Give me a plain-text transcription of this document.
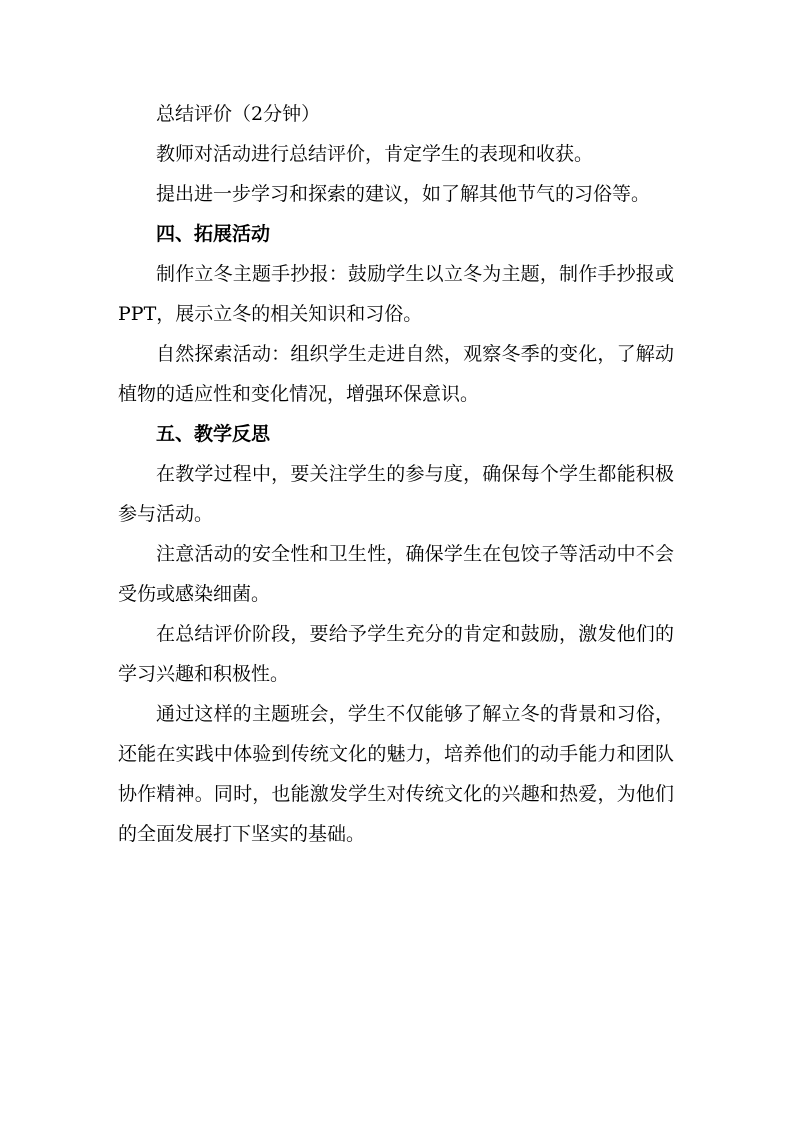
总结评价（2分钟）

教师对活动进行总结评价，肯定学生的表现和收获。

提出进一步学习和探索的建议，如了解其他节气的习俗等。

四、拓展活动

制作立冬主题手抄报：鼓励学生以立冬为主题，制作手抄报或PPT，展示立冬的相关知识和习俗。

自然探索活动：组织学生走进自然，观察冬季的变化，了解动植物的适应性和变化情况，增强环保意识。

五、教学反思

在教学过程中，要关注学生的参与度，确保每个学生都能积极参与活动。

注意活动的安全性和卫生性，确保学生在包饺子等活动中不会受伤或感染细菌。

在总结评价阶段，要给予学生充分的肯定和鼓励，激发他们的学习兴趣和积极性。

通过这样的主题班会，学生不仅能够了解立冬的背景和习俗，还能在实践中体验到传统文化的魅力，培养他们的动手能力和团队协作精神。同时，也能激发学生对传统文化的兴趣和热爱，为他们的全面发展打下坚实的基础。
